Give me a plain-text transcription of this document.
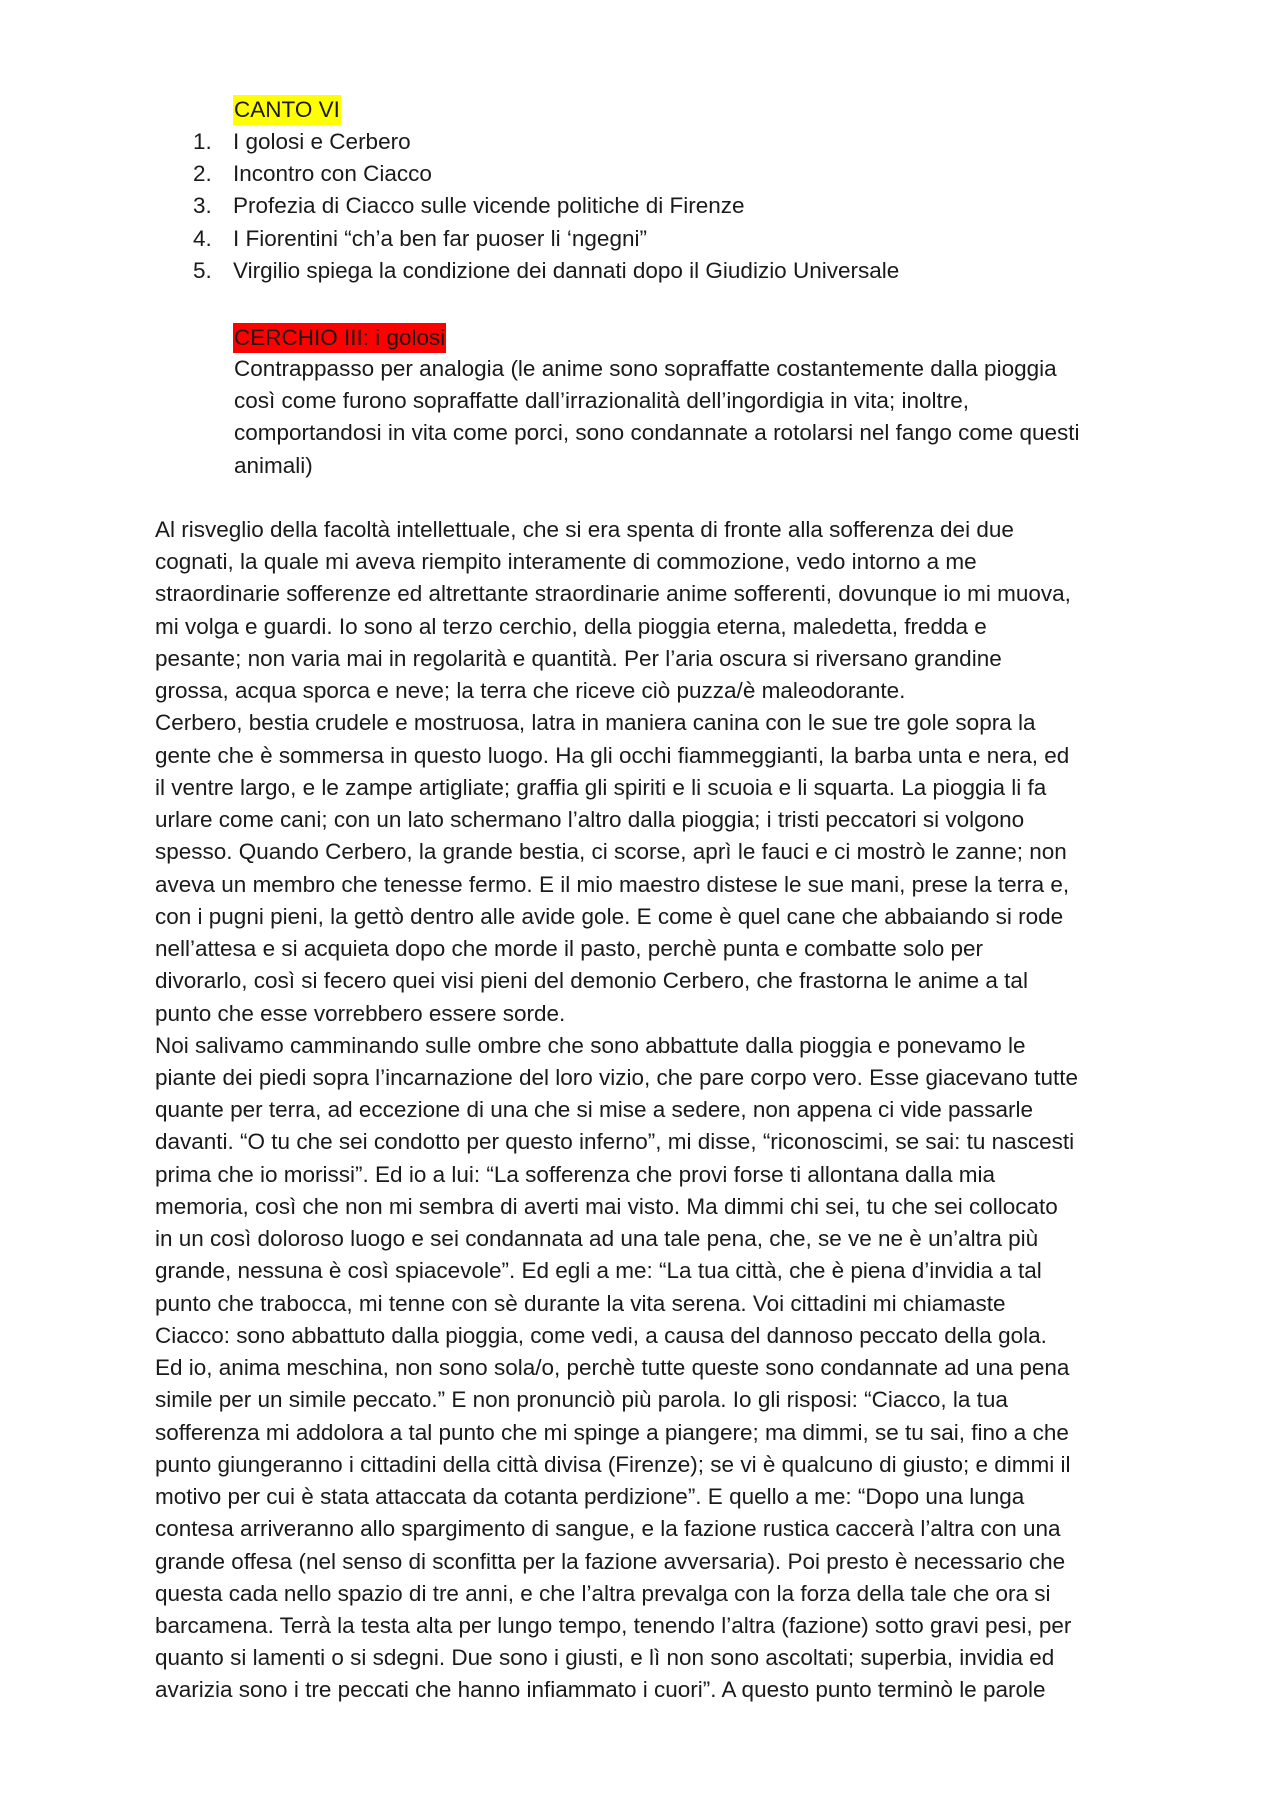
CANTO VI
1. I golosi e Cerbero
2. Incontro con Ciacco
3. Profezia di Ciacco sulle vicende politiche di Firenze
4. I Fiorentini “ch’a ben far puoser li ‘ngegni”
5. Virgilio spiega la condizione dei dannati dopo il Giudizio Universale
CERCHIO III: i golosi

Contrappasso per analogia (le anime sono sopraffatte costantemente dalla pioggia
così come furono sopraffatte dall’irrazionalità dell’ingordigia in vita; inoltre,
comportandosi in vita come porci, sono condannate a rotolarsi nel fango come questi
animali)

Al risveglio della facoltà intellettuale, che si era spenta di fronte alla sofferenza dei due
cognati, la quale mi aveva riempito interamente di commozione, vedo intorno a me
straordinarie sofferenze ed altrettante straordinarie anime sofferenti, dovunque io mi muova,
mi volga e guardi. Io sono al terzo cerchio, della pioggia eterna, maledetta, fredda e
pesante; non varia mai in regolarità e quantità. Per l’aria oscura si riversano grandine
grossa, acqua sporca e neve; la terra che riceve ciò puzza/è maleodorante.
Cerbero, bestia crudele e mostruosa, latra in maniera canina con le sue tre gole sopra la
gente che è sommersa in questo luogo. Ha gli occhi fiammeggianti, la barba unta e nera, ed
il ventre largo, e le zampe artigliate; graffia gli spiriti e li scuoia e li squarta. La pioggia li fa
urlare come cani; con un lato schermano l’altro dalla pioggia; i tristi peccatori si volgono
spesso. Quando Cerbero, la grande bestia, ci scorse, aprì le fauci e ci mostrò le zanne; non
aveva un membro che tenesse fermo. E il mio maestro distese le sue mani, prese la terra e,
con i pugni pieni, la gettò dentro alle avide gole. E come è quel cane che abbaiando si rode
nell’attesa e si acquieta dopo che morde il pasto, perchè punta e combatte solo per
divorarlo, così si fecero quei visi pieni del demonio Cerbero, che frastorna le anime a tal
punto che esse vorrebbero essere sorde.
Noi salivamo camminando sulle ombre che sono abbattute dalla pioggia e ponevamo le
piante dei piedi sopra l’incarnazione del loro vizio, che pare corpo vero. Esse giacevano tutte
quante per terra, ad eccezione di una che si mise a sedere, non appena ci vide passarle
davanti. “O tu che sei condotto per questo inferno”, mi disse, “riconoscimi, se sai: tu nascesti
prima che io morissi”. Ed io a lui: “La sofferenza che provi forse ti allontana dalla mia
memoria, così che non mi sembra di averti mai visto. Ma dimmi chi sei, tu che sei collocato
in un così doloroso luogo e sei condannata ad una tale pena, che, se ve ne è un’altra più
grande, nessuna è così spiacevole”. Ed egli a me: “La tua città, che è piena d’invidia a tal
punto che trabocca, mi tenne con sè durante la vita serena. Voi cittadini mi chiamaste
Ciacco: sono abbattuto dalla pioggia, come vedi, a causa del dannoso peccato della gola.
Ed io, anima meschina, non sono sola/o, perchè tutte queste sono condannate ad una pena
simile per un simile peccato.” E non pronunciò più parola. Io gli risposi: “Ciacco, la tua
sofferenza mi addolora a tal punto che mi spinge a piangere; ma dimmi, se tu sai, fino a che
punto giungeranno i cittadini della città divisa (Firenze); se vi è qualcuno di giusto; e dimmi il
motivo per cui è stata attaccata da cotanta perdizione”. E quello a me: “Dopo una lunga
contesa arriveranno allo spargimento di sangue, e la fazione rustica caccerà l’altra con una
grande offesa (nel senso di sconfitta per la fazione avversaria). Poi presto è necessario che
questa cada nello spazio di tre anni, e che l’altra prevalga con la forza della tale che ora si
barcamena. Terrà la testa alta per lungo tempo, tenendo l’altra (fazione) sotto gravi pesi, per
quanto si lamenti o si sdegni. Due sono i giusti, e lì non sono ascoltati; superbia, invidia ed
avarizia sono i tre peccati che hanno infiammato i cuori”. A questo punto terminò le parole
